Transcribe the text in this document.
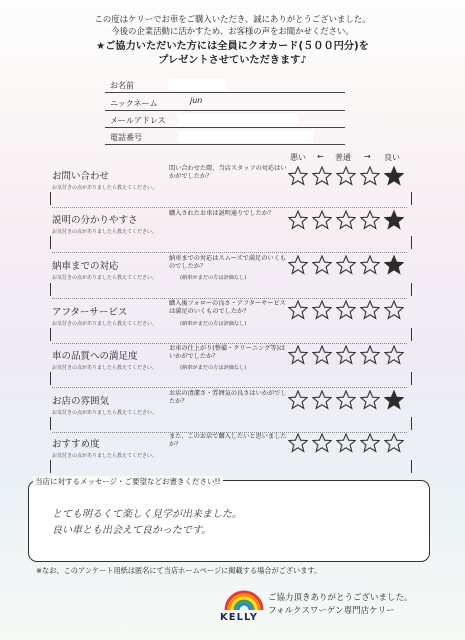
この度はケリーでお車をご購入いただき、誠にありがとうございました。
今後の企業活動に活かすため、お客様の声をお聞かせください。
★ご協力いただいた方には全員にクオカード(５００円分)を
プレゼントさせていただきます♪
お名前
ニックネーム	jun
メールアドレス
電話番号
悪い ← 普通 → 良い
お問い合わせ
お気付きの点がありましたら教えてください。
問い合わせた際、当店スタッフの対応はいかがでしたか？
説明の分かりやすさ
お気付きの点がありましたら教えてください。
購入されたお車は説明通りでしたか？
納車までの対応
お気付きの点がありましたら教えてください。
納車までの対応はスムーズで満足のいくものでしたか？
(納車がまだの方は評価なし)
アフターサービス
お気付きの点がありましたら教えてください。
購入後フォローの良さ・アフターサービスは満足のいくものでしたか？
(納車がまだの方は評価なし)
車の品質への満足度
お気付きの点がありましたら教えてください。
お車の仕上がり(整備・クリーニング等)はいかがでしたか？
(納車がまだの方は評価なし)
お店の雰囲気
お気付きの点がありましたら教えてください。
お店の清潔さ・雰囲気の良さはいかがでしたか？
おすすめ度
お気付きの点がありましたら教えてください。
また、このお店で購入したいと思いましたか？
当店に対するメッセージ・ご要望などお書きください!!
とても明るくて楽しく見学が出来ました。
良い車とも出会えて良かったです。
※なお、このアンケート用紙は匿名にて当店ホームページに掲載する場合がございます。
KELLY
ご協力頂きありがとうございました。
フォルクスワーゲン専門店ケリー
